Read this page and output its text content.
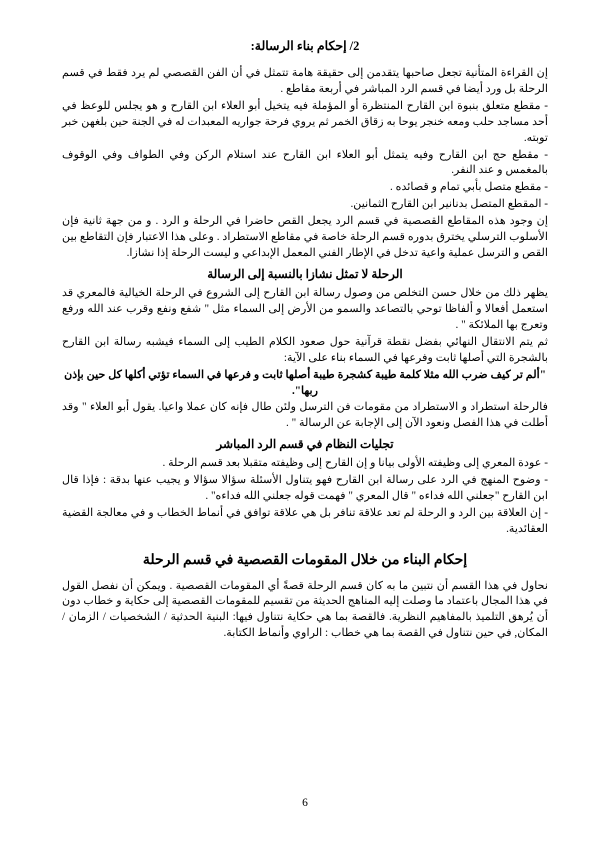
2/ إحكام بناء الرسالة:

إن القراءة المتأنية تجعل صاحبها يتقدمن إلى حقيقة هامة تتمثل في أن الفن القصصي لم يرد فقط في قسم الرحلة بل ورد أيضا في قسم الرد المباشر في أربعة مقاطع .

- مقطع متعلق بنبوة ابن القارح المنتظرة أو المؤملة فيه يتخيل أبو العلاء ابن القارح و هو يجلس للوعظ في أحد مساجد حلب ومعه خنجر يوحا به زقاق الخمر ثم يروي فرحة جواريه المعبدات له في الجنة حين بلغهن خبر توبته.

- مقطع حج ابن القارح وفيه يتمثل أبو العلاء ابن القارح عند استلام الركن وفي الطواف وفي الوقوف بالمغمس و عند النفر.

- مقطع متصل بأبي تمام و قصائده .

- المقطع المتصل بدنانير ابن القارح الثمانين.

إن وجود هذه المقاطع القصصية في قسم الرد يجعل القص حاضرا في الرحلة و الرد . و من جهة ثانية فإن الأسلوب الترسلي يخترق بدوره قسم الرحلة خاصة في مقاطع الاستطراد . وعلى هذا الاعتبار فإن التقاطع بين القص و الترسل عملية واعية تدخل في الإطار الفني المعمل الإبداعي و ليست الرحلة إذا نشازا.

الرحلة لا تمثل نشازا بالنسبة إلى الرسالة

يظهر ذلك من خلال حسن التخلص من وصول رسالة ابن القارح إلى الشروع في الرحلة الخيالية فالمعري قد استعمل أفعالا و ألفاظا توحي بالتصاعد والسمو من الأرض إلى السماء مثل " شفع ونفع وقرب عند الله ورفع وتعرج بها الملائكة " .

ثم يتم الانتقال النهائي بفضل نقطة قرآنية حول صعود الكلام الطيب إلى السماء فيشبه رسالة ابن القارح بالشجرة التي أصلها ثابت وفرعها في السماء بناء على الآية:

"ألم تر كيف ضرب الله مثلا كلمة طيبة كشجرة طيبة أصلها ثابت و فرعها في السماء تؤتي أكلها كل حين بإذن ربها".

فالرحلة استطراد و الاستطراد من مقومات فن الترسل ولئن طال فإنه كان عملا واعيا. يقول أبو العلاء " وقد أطلت في هذا الفصل ونعود الآن إلى الإجابة عن الرسالة " .

تجليات النظام في قسم الرد المباشر

- عودة المعري إلى وظيفته الأولى بيانا و إن القارح إلى وظيفته متقبلا بعد قسم الرحلة .

- وضوح المنهج في الرد على رسالة ابن القارح فهو يتناول الأسئلة سؤالا سؤالا و يجيب عنها بدقة : فإذا قال ابن القارح "جعلني الله فداءه " قال المعري " فهمت قوله جعلني الله فداءه" .

- إن العلاقة بين الرد و الرحلة لم تعد علاقة تنافر بل هي علاقة توافق في أنماط الخطاب و في معالجة القضية العقائدية.

إحكام البناء من خلال المقومات القصصية في قسم الرحلة

نحاول في هذا القسم أن نتبين ما به كان قسم الرحلة قصةً أي المقومات القصصية . ويمكن أن نفصل القول في هذا المجال باعتماد ما وصلت إليه المناهج الحديثة من تقسيم للمقومات القصصية إلى حكاية و خطاب دون أن يُرهق التلميذ بالمفاهيم النظرية. فالقصة بما هي حكاية نتناول فيها: البنية الحدثية / الشخصيات / الزمان / المكان, في حين نتناول في القصة بما هي خطاب : الراوي وأنماط الكتابة.

6
